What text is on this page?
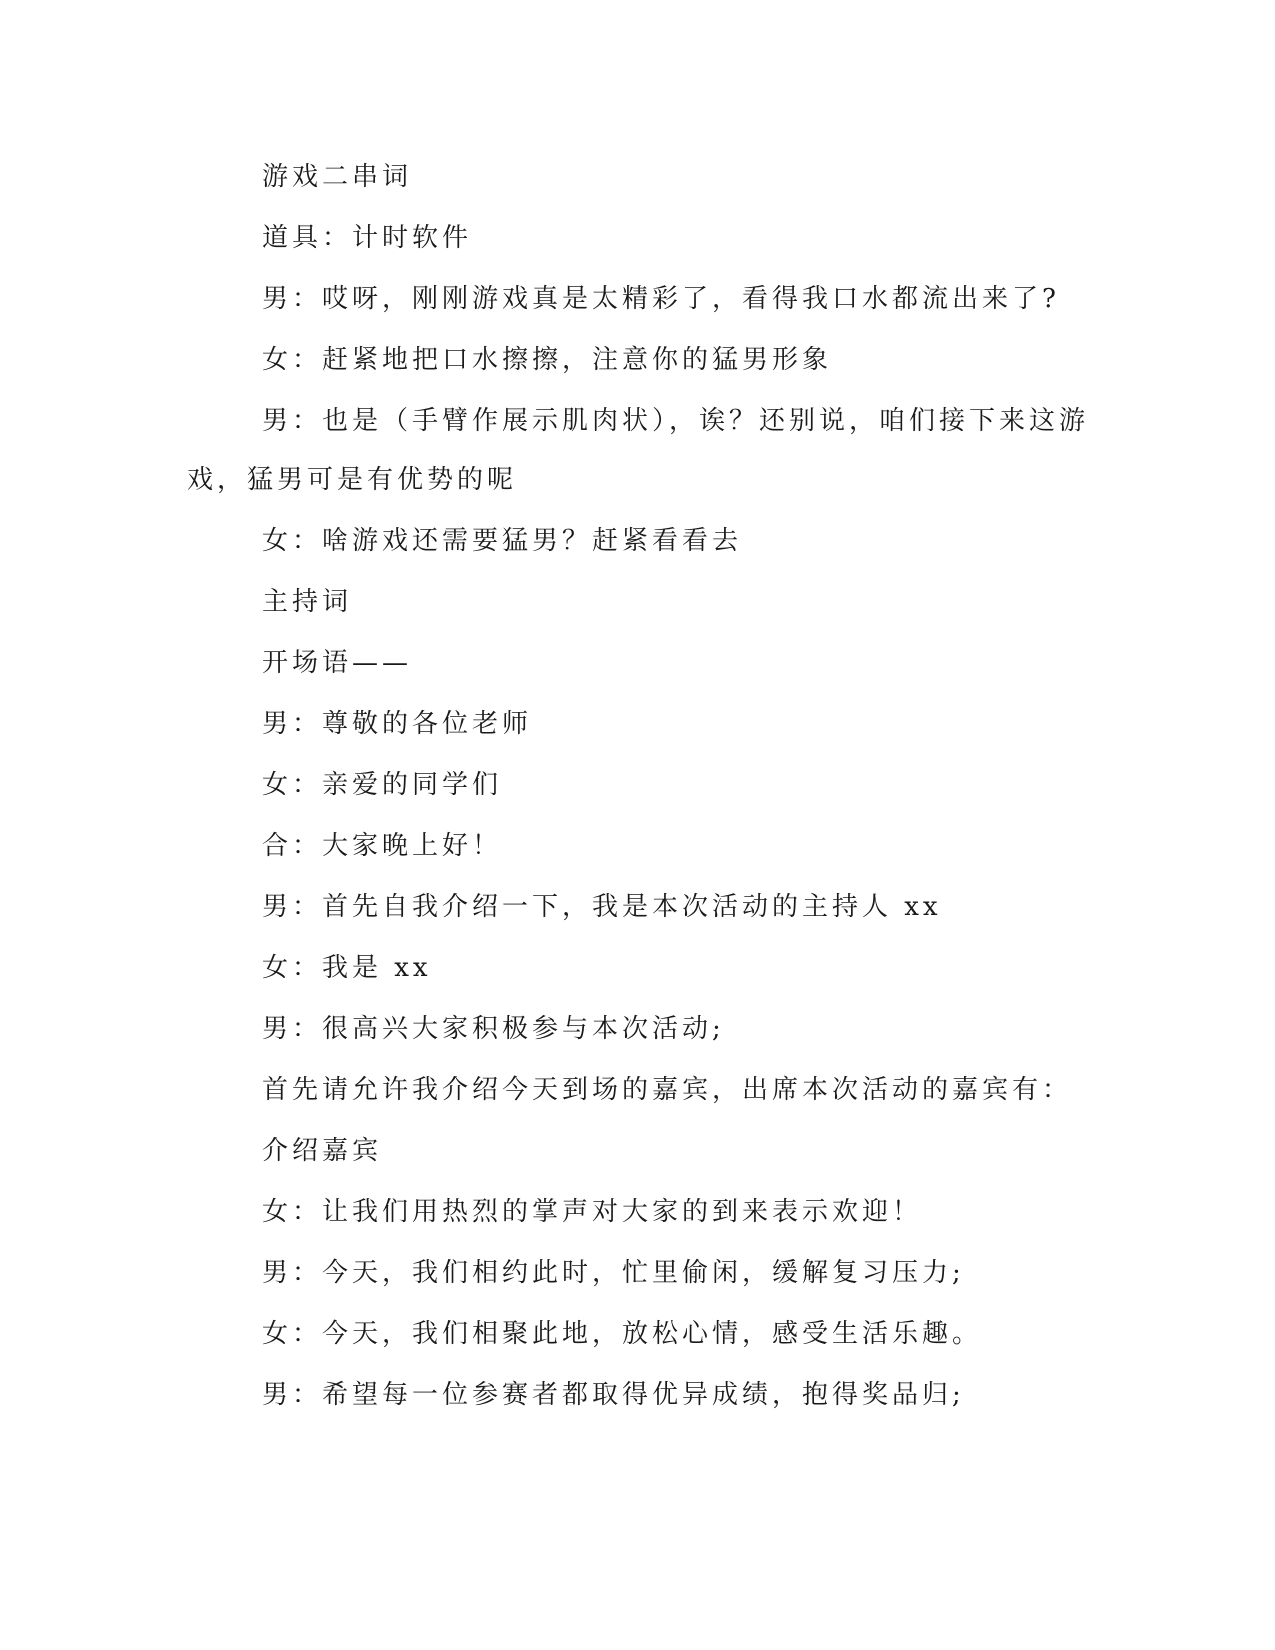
游戏二串词

道具：计时软件

男：哎呀，刚刚游戏真是太精彩了，看得我口水都流出来了?

女：赶紧地把口水擦擦，注意你的猛男形象

男：也是（手臂作展示肌肉状），诶？还别说，咱们接下来这游

戏，猛男可是有优势的呢

女：啥游戏还需要猛男？赶紧看看去

主持词

开场语——

男：尊敬的各位老师

女：亲爱的同学们

合：大家晚上好！

男：首先自我介绍一下，我是本次活动的主持人 xx

女：我是 xx

男：很高兴大家积极参与本次活动;

首先请允许我介绍今天到场的嘉宾，出席本次活动的嘉宾有：

介绍嘉宾

女：让我们用热烈的掌声对大家的到来表示欢迎！

男：今天，我们相约此时，忙里偷闲，缓解复习压力;

女：今天，我们相聚此地，放松心情，感受生活乐趣。

男：希望每一位参赛者都取得优异成绩，抱得奖品归;
